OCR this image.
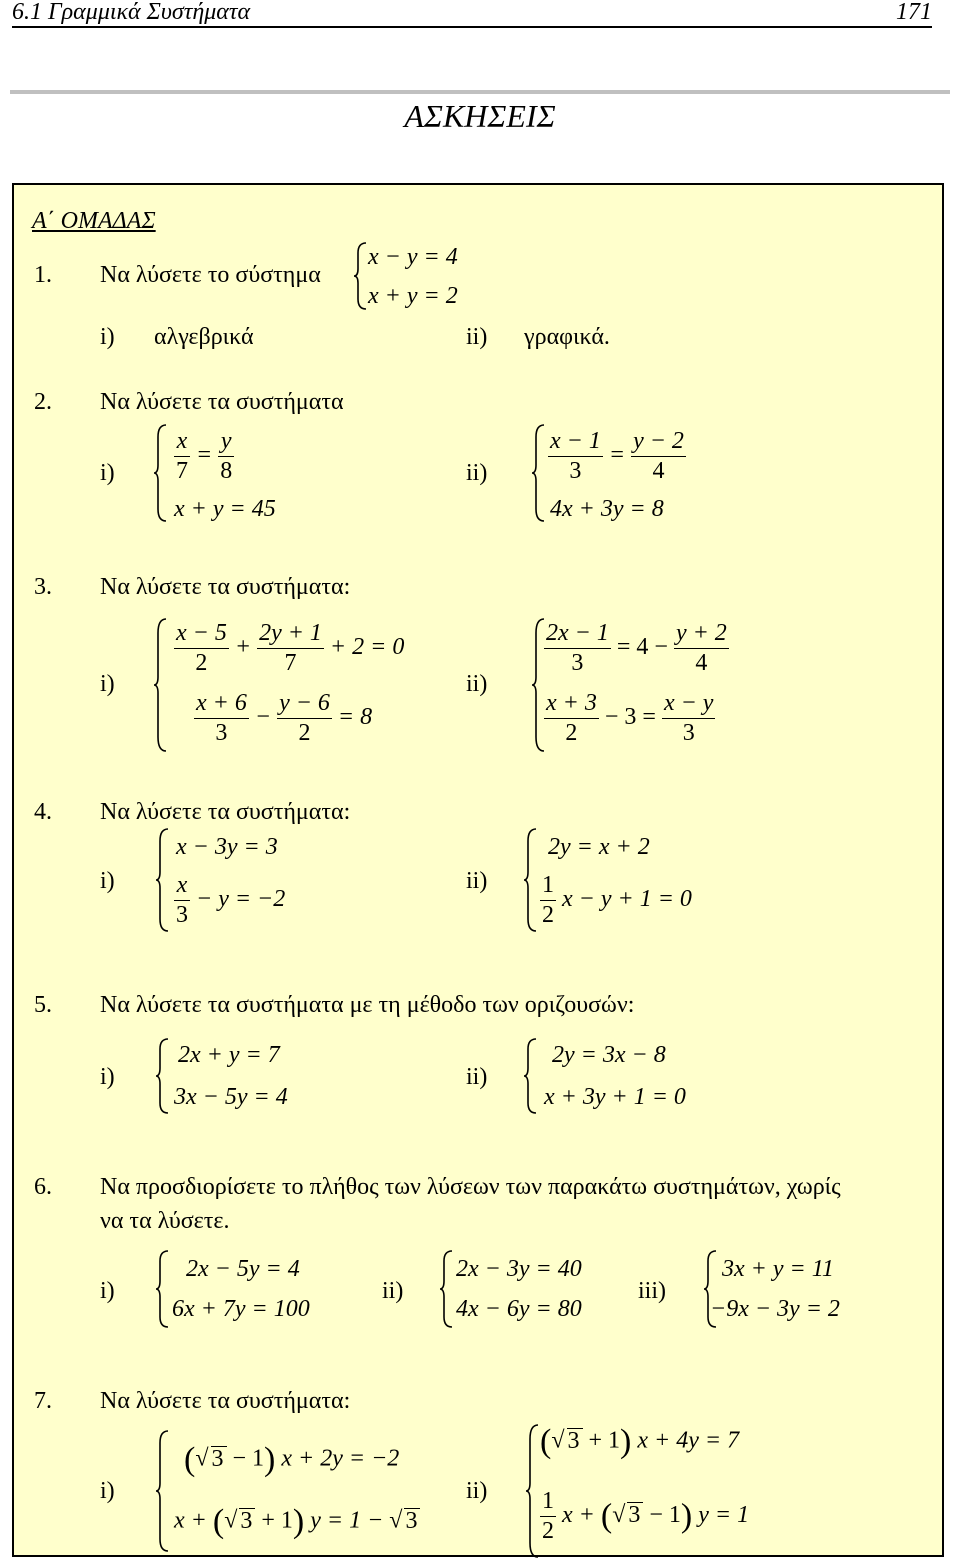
6.1 Γραμμικά Συστήματα	171
ΑΣΚΗΣΕΙΣ
Α΄ ΟΜΑΔΑΣ
1. Να λύσετε το σύστημα
x − y = 4
x + y = 2
i) αλγεβρικά	ii) γραφικά.
2. Να λύσετε τα συστήματα
$i) \frac{x}{7} = \frac{y}{8}$
x + y = 45
ii)	$\frac{x - 1}{3} = \frac{y - 2}{4}$
4x + 3y = 8
3. Να λύσετε τα συστήματα:
i)
$\frac{x - 5}{2} + \frac{2y + 1}{7} + 2 = 0$
$\frac{x + 6}{3} - \frac{y - 6}{2} = 8$
ii)
$\frac{2x - 1}{3} = 4 - \frac{y + 2}{4}$
$\frac{x + 3}{2} - 3 = \frac{x - y}{3}$
4. Να λύσετε τα συστήματα:
i)
x − 3y = 3
$\frac{x}{3} - y = -2$
ii)
2y = x + 2
$\frac{1}{2}$ x − y + 1 = 0
5. Να λύσετε τα συστήματα με τη μέθοδο των οριζουσών:
i)
2x + y = 7
3x − 5y = 4
ii)
2y = 3x − 8
x + 3y + 1 = 0
6. Να προσδιορίσετε το πλήθος των λύσεων των παρακάτω συστημάτων, χωρίς
να τα λύσετε.
i)
2x − 5y = 4
6x + 7y = 100
ii)
2x − 3y = 40
4x − 6y = 80
iii)
3x + y = 11
−9x − 3y = 2
7. Να λύσετε τα συστήματα:
i)
(√ 3 − 1) x + 2y = −2
x + (√ 3 + 1) y = 1 − √ 3
ii)
(√ 3 + 1) x + 4y = 7
$\frac{1}{2}$ x + (√ 3 − 1) y = 1
